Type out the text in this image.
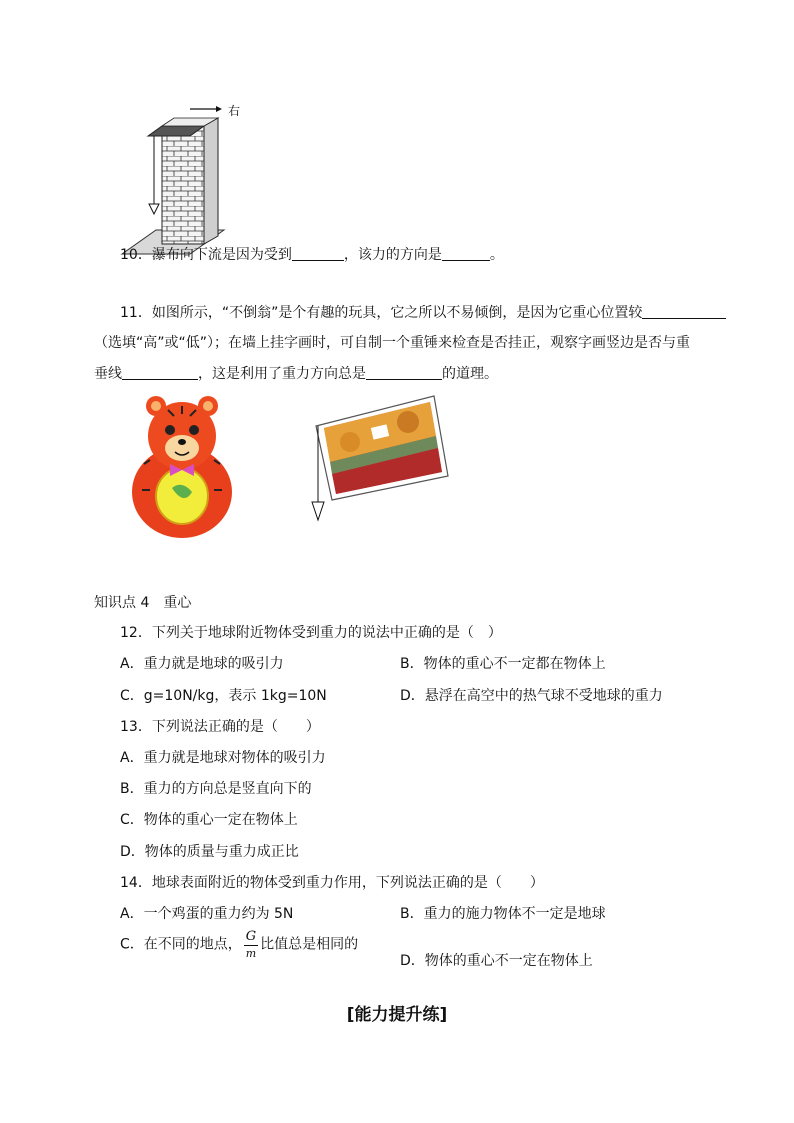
右
10．瀑布向下流是因为受到	，该力的方向是	。
11．如图所示，“不倒翁”是个有趣的玩具，它之所以不易倾倒，是因为它重心位置较
（选填“高”或“低”）；在墙上挂字画时，可自制一个重锤来检查是否挂正，观察字画竖边是否与重
垂线	，这是利用了重力方向总是	的道理。
知识点 4　重心
12．下列关于地球附近物体受到重力的说法中正确的是（　）
A．重力就是地球的吸引力	B．物体的重心不一定都在物体上
C．g=10N/kg，表示 1kg=10N	D．悬浮在高空中的热气球不受地球的重力
13．下列说法正确的是（　　）
A．重力就是地球对物体的吸引力
B．重力的方向总是竖直向下的
C．物体的重心一定在物体上
D．物体的质量与重力成正比
14．地球表面附近的物体受到重力作用，下列说法正确的是（　　）
A．一个鸡蛋的重力约为 5N	B．重力的施力物体不一定是地球
C．在不同的地点， $\frac{G}{m}$ 比值总是相同的
D．物体的重心不一定在物体上
[能力提升练]
